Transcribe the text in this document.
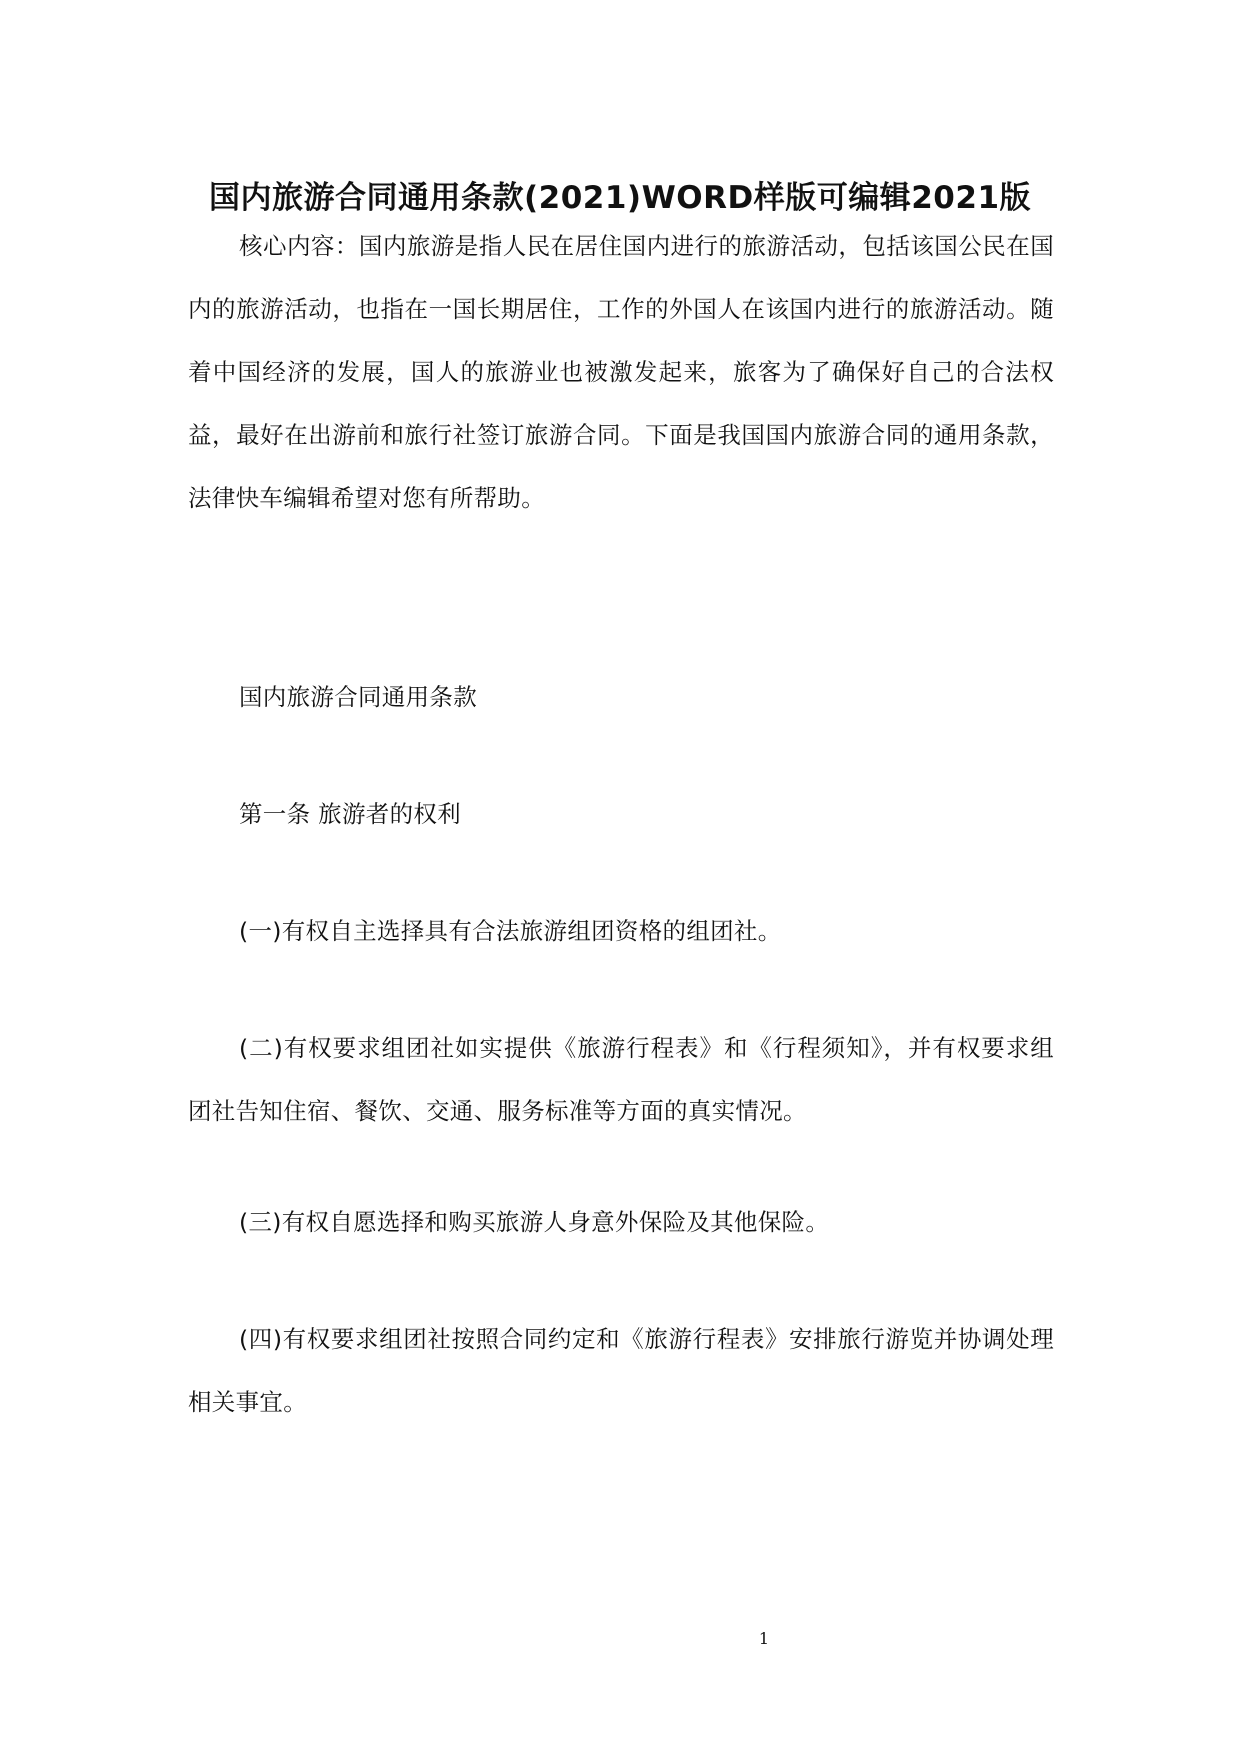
国内旅游合同通用条款(2021)WORD样版可编辑2021版

核心内容：国内旅游是指人民在居住国内进行的旅游活动，包括该国公民在国内的旅游活动，也指在一国长期居住，工作的外国人在该国内进行的旅游活动。随着中国经济的发展，国人的旅游业也被激发起来，旅客为了确保好自己的合法权益，最好在出游前和旅行社签订旅游合同。下面是我国国内旅游合同的通用条款，法律快车编辑希望对您有所帮助。

国内旅游合同通用条款

第一条 旅游者的权利

(一)有权自主选择具有合法旅游组团资格的组团社。

(二)有权要求组团社如实提供《旅游行程表》和《行程须知》，并有权要求组团社告知住宿、餐饮、交通、服务标准等方面的真实情况。

(三)有权自愿选择和购买旅游人身意外保险及其他保险。

(四)有权要求组团社按照合同约定和《旅游行程表》安排旅行游览并协调处理相关事宜。

1
